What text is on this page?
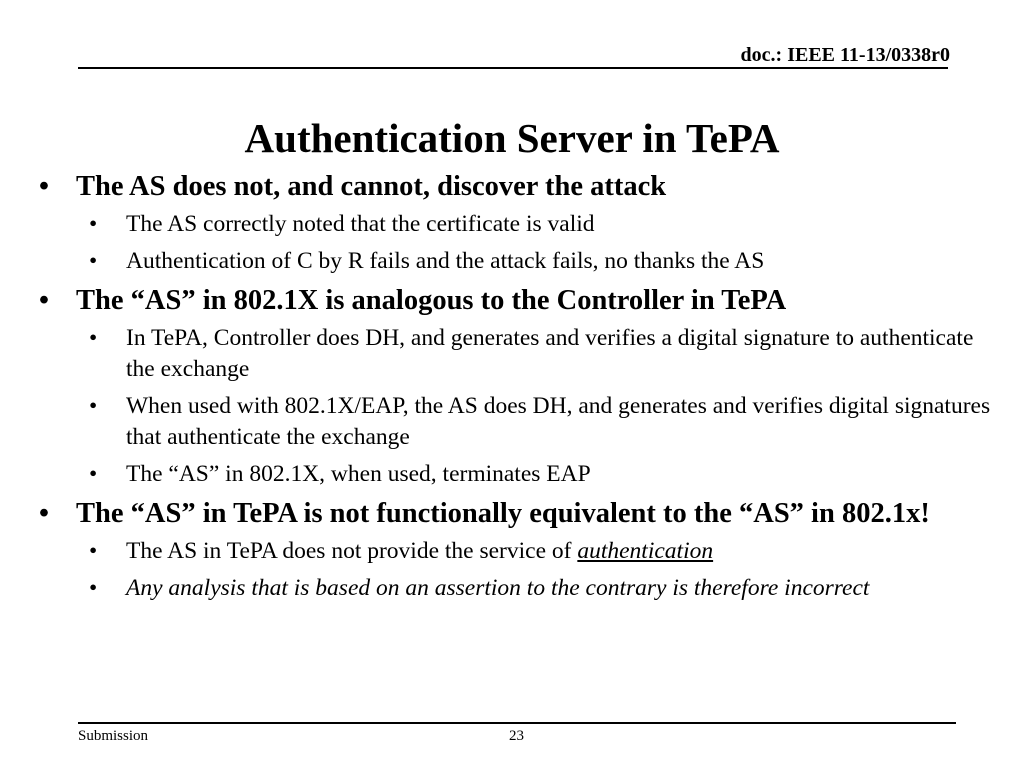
doc.: IEEE 11-13/0338r0
Authentication Server in TePA
• The AS does not, and cannot, discover the attack
• The AS correctly noted that the certificate is valid
• Authentication of C by R fails and the attack fails, no thanks the AS
• The “AS” in 802.1X is analogous to the Controller in TePA
• In TePA, Controller does DH, and generates and verifies a digital signature to authenticate the exchange
• When used with 802.1X/EAP, the AS does DH, and generates and verifies digital signatures that authenticate the exchange
• The “AS” in 802.1X, when used, terminates EAP
• The “AS” in TePA is not functionally equivalent to the “AS” in 802.1x!
• The AS in TePA does not provide the service of authentication
• Any analysis that is based on an assertion to the contrary is therefore incorrect
Submission	23
